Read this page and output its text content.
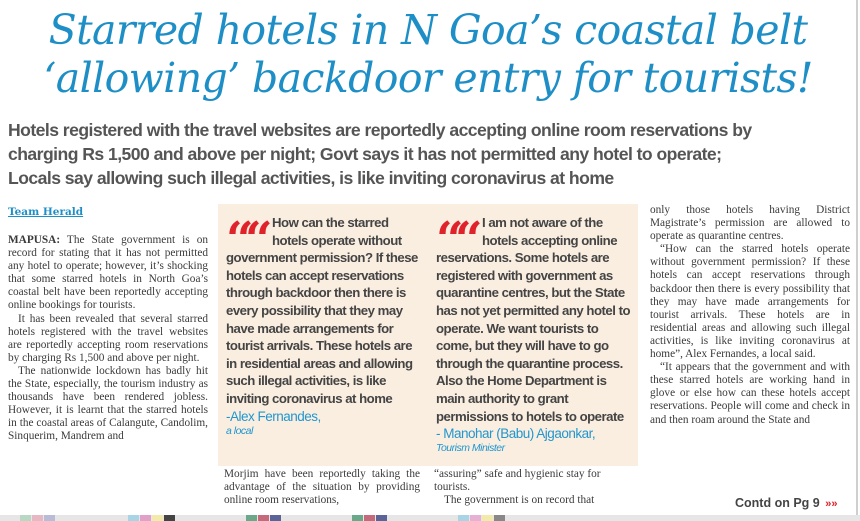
Starred hotels in N Goa’s coastal belt
‘allowing’ backdoor entry for tourists!
Hotels registered with the travel websites are reportedly accepting online room reservations by
charging Rs 1,500 and above per night; Govt says it has not permitted any hotel to operate;
Locals say allowing such illegal activities, is like inviting coronavirus at home
Team Herald

MAPUSA: The State government is on record for stating that it has not permitted any hotel to operate; however, it’s shocking that some starred hotels in North Goa’s coastal belt have been reportedly accepting online bookings for tourists.

It has been revealed that several starred hotels registered with the travel websites are reportedly accepting room reservations by charging Rs 1,500 and above per night.

The nationwide lockdown has badly hit the State, especially, the tourism industry as thousands have been rendered jobless. However, it is learnt that the starred hotels in the coastal areas of Calangute, Candolim, Sinquerim, Mandrem and

“
“ How can the starred hotels operate without government permission? If these hotels can accept reservations through backdoor then there is every possibility that they may have made arrangements for tourist arrivals. These hotels are in residential areas and allowing such illegal activities, is like inviting coronavirus at home
-Alex Fernandes,
a local
“
“ I am not aware of the hotels accepting online reservations. Some hotels are registered with government as quarantine centres, but the State has not yet permitted any hotel to operate. We want tourists to come, but they will have to go through the quarantine process. Also the Home Department is main authority to grant permissions to hotels to operate
- Manohar (Babu) Ajgaonkar,
Tourism Minister

Morjim have been reportedly taking the advantage of the situation by providing online room reservations,

“assuring” safe and hygienic stay for tourists.

The government is on record that

only those hotels having District Magistrate’s permission are allowed to operate as quarantine centres.

“How can the starred hotels operate without government permission? If these hotels can accept reservations through backdoor then there is every possibility that they may have made arrangements for tourist arrivals. These hotels are in residential areas and allowing such illegal activities, is like inviting coronavirus at home”, Alex Fernandes, a local said.

“It appears that the government and with these starred hotels are working hand in glove or else how can these hotels accept reservations. People will come and check in and then roam around the State and

Contd on Pg 9 »»
